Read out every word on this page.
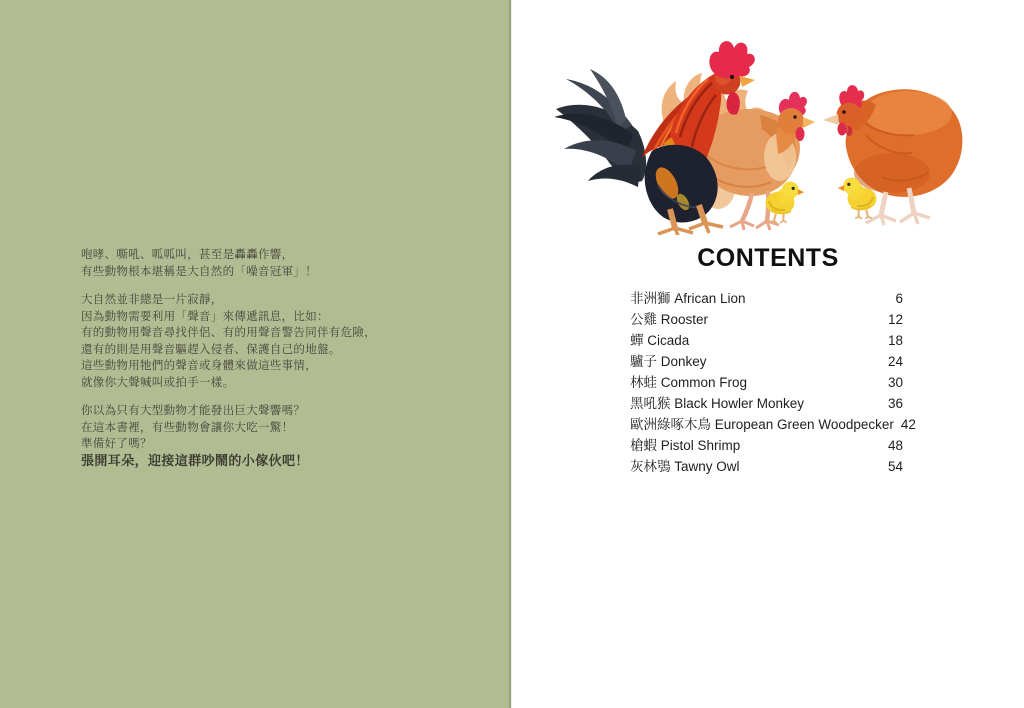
咆哮、嘶吼、呱呱叫，甚至是轟轟作響，
有些動物根本堪稱是大自然的「噪音冠軍」！
大自然並非總是一片寂靜，
因為動物需要利用「聲音」來傳遞訊息，比如：
有的動物用聲音尋找伴侶、有的用聲音警告同伴有危險，
還有的則是用聲音驅趕入侵者、保護自己的地盤。
這些動物用牠們的聲音或身體來做這些事情，
就像你大聲喊叫或拍手一樣。
你以為只有大型動物才能發出巨大聲響嗎？
在這本書裡，有些動物會讓你大吃一驚！
準備好了嗎？
張開耳朵，迎接這群吵鬧的小傢伙吧！
CONTENTS
非洲獅 African Lion	6
公雞 Rooster	12
蟬 Cicada	18
驢子 Donkey	24
林蛙 Common Frog	30
黑吼猴 Black Howler Monkey	36
歐洲綠啄木鳥 European Green Woodpecker 42
槍蝦 Pistol Shrimp	48
灰林鴞 Tawny Owl	54
